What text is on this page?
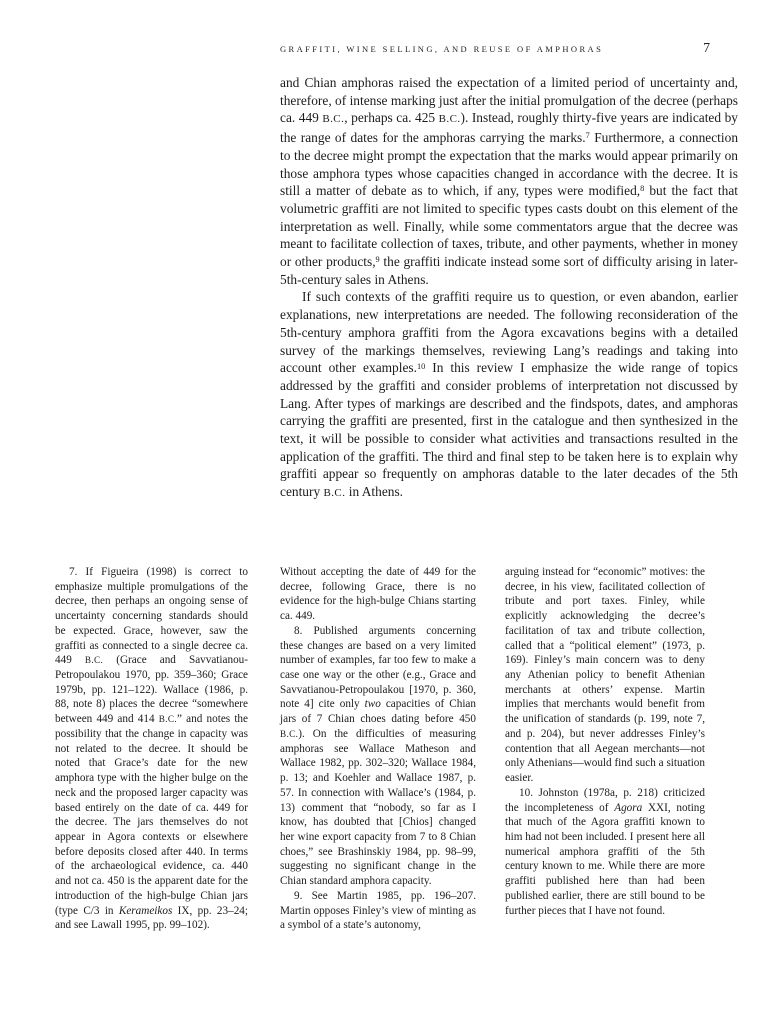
GRAFFITI, WINE SELLING, AND REUSE OF AMPHORAS	7

and Chian amphoras raised the expectation of a limited period of uncertainty and, therefore, of intense marking just after the initial promulgation of the decree (perhaps ca. 449 B.C., perhaps ca. 425 B.C.). Instead, roughly thirty-five years are indicated by the range of dates for the amphoras carrying the marks.$^7$ Furthermore, a connection to the decree might prompt the expectation that the marks would appear primarily on those amphora types whose capacities changed in accordance with the decree. It is still a matter of debate as to which, if any, types were modified,$^8$ but the fact that volumetric graffiti are not limited to specific types casts doubt on this element of the interpretation as well. Finally, while some commentators argue that the decree was meant to facilitate collection of taxes, tribute, and other payments, whether in money or other products,$^9$ the graffiti indicate instead some sort of difficulty arising in later-5th-century sales in Athens.

If such contexts of the graffiti require us to question, or even abandon, earlier explanations, new interpretations are needed. The following reconsideration of the 5th-century amphora graffiti from the Agora excavations begins with a detailed survey of the markings themselves, reviewing Lang’s readings and taking into account other examples.$^{10}$ In this review I emphasize the wide range of topics addressed by the graffiti and consider problems of interpretation not discussed by Lang. After types of markings are described and the findspots, dates, and amphoras carrying the graffiti are presented, first in the catalogue and then synthesized in the text, it will be possible to consider what activities and transactions resulted in the application of the graffiti. The third and final step to be taken here is to explain why graffiti appear so frequently on amphoras datable to the later decades of the 5th century B.C. in Athens.

7. If Figueira (1998) is correct to emphasize multiple promulgations of the decree, then perhaps an ongoing sense of uncertainty concerning standards should be expected. Grace, however, saw the graffiti as connected to a single decree ca. 449 B.C. (Grace and Savvatianou-Petropoulakou 1970, pp. 359–360; Grace 1979b, pp. 121–122). Wallace (1986, p. 88, note 8) places the decree “somewhere between 449 and 414 B.C.” and notes the possibility that the change in capacity was not related to the decree. It should be noted that Grace’s date for the new amphora type with the higher bulge on the neck and the proposed larger capacity was based entirely on the date of ca. 449 for the decree. The jars themselves do not appear in Agora contexts or elsewhere before deposits closed after 440. In terms of the archaeological evidence, ca. 440 and not ca. 450 is the apparent date for the introduction of the high-bulge Chian jars (type C/3 in Kerameikos IX, pp. 23–24; and see Lawall 1995, pp. 99–102).

Without accepting the date of 449 for the decree, following Grace, there is no evidence for the high-bulge Chians starting ca. 449.

8. Published arguments concerning these changes are based on a very limited number of examples, far too few to make a case one way or the other (e.g., Grace and Savvatianou-Petropoulakou [1970, p. 360, note 4] cite only two capacities of Chian jars of 7 Chian choes dating before 450 B.C.). On the difficulties of measuring amphoras see Wallace Matheson and Wallace 1982, pp. 302–320; Wallace 1984, p. 13; and Koehler and Wallace 1987, p. 57. In connection with Wallace’s (1984, p. 13) comment that “nobody, so far as I know, has doubted that [Chios] changed her wine export capacity from 7 to 8 Chian choes,” see Brashinskiy 1984, pp. 98–99, suggesting no significant change in the Chian standard amphora capacity.

9. See Martin 1985, pp. 196–207. Martin opposes Finley’s view of minting as a symbol of a state’s autonomy,

arguing instead for “economic” motives: the decree, in his view, facilitated collection of tribute and port taxes. Finley, while explicitly acknowledging the decree’s facilitation of tax and tribute collection, called that a “political element” (1973, p. 169). Finley’s main concern was to deny any Athenian policy to benefit Athenian merchants at others’ expense. Martin implies that merchants would benefit from the unification of standards (p. 199, note 7, and p. 204), but never addresses Finley’s contention that all Aegean merchants—not only Athenians—would find such a situation easier.

10. Johnston (1978a, p. 218) criticized the incompleteness of Agora XXI, noting that much of the Agora graffiti known to him had not been included. I present here all numerical amphora graffiti of the 5th century known to me. While there are more graffiti published here than had been published earlier, there are still bound to be further pieces that I have not found.
